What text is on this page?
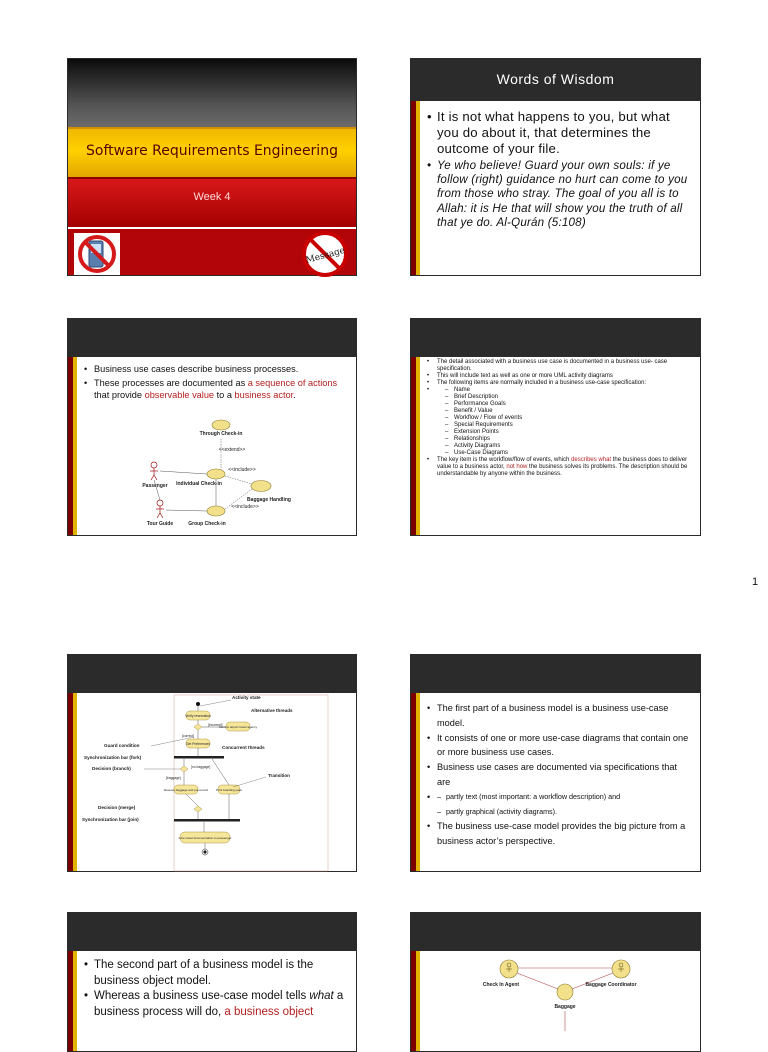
Software Requirements Engineering
Week 4
Message
Words of Wisdom
• It is not what happens to you, but what you do about it, that determines the outcome of your file.
• Ye who believe! Guard your own souls: if ye follow (right) guidance no hurt can come to you from those who stray. The goal of you all is to Allah: it is He that will show you the truth of all that ye do. Al-Qurán (5:108)
• Business use cases describe business processes.
• These processes are documented as a sequence of actions that provide observable value to a business actor.
Through Check-in
<<extend>>
<<include>>
Individual Check-in
Passenger
Baggage Handling
<<include>>
Tour Guide	Group Check-in
• The detail associated with a business use case is documented in a business use- case specification.
• This will include text as well as one or more UML activity diagrams
• The following items are normally included in a business use-case specification:
– • Name
– Brief Description
– Performance Goals
– Benefit / Value
– Workflow / Flow of events
– Special Requirements
– Extension Points
– Relationships
– Activity Diagrams
– Use-Case Diagrams
• The key item is the workflow/flow of events, which describes what the business does to deliver value to a business actor, not how the business solves its problems. The description should be understandable by anyone within the business.
1
Activity state
Verify reservation
Alternative threads
[incorrect]
Send to airport travel agency
[correct]
Guard condition	Get Preferences
Concurrent threads
Synchronization bar (fork)
Decision (branch)	[no baggage]
[baggage]
Receive baggage and pre-record	Print boarding pass
Transition
Decision (merge)
Synchronization bar (join)
Give travel documentation to passenger
• The first part of a business model is a business use-case model.
• It consists of one or more use-case diagrams that contain one or more business use cases.
• Business use cases are documented via specifications that are
– • partly text (most important: a workflow description) and
– partly graphical (activity diagrams).
• The business use-case model provides the big picture from a business actor’s perspective.
• The second part of a business model is the business object model.
• Whereas a business use-case model tells what a business process will do, a business object
Check In Agent	Baggage Coordinator
Baggage
